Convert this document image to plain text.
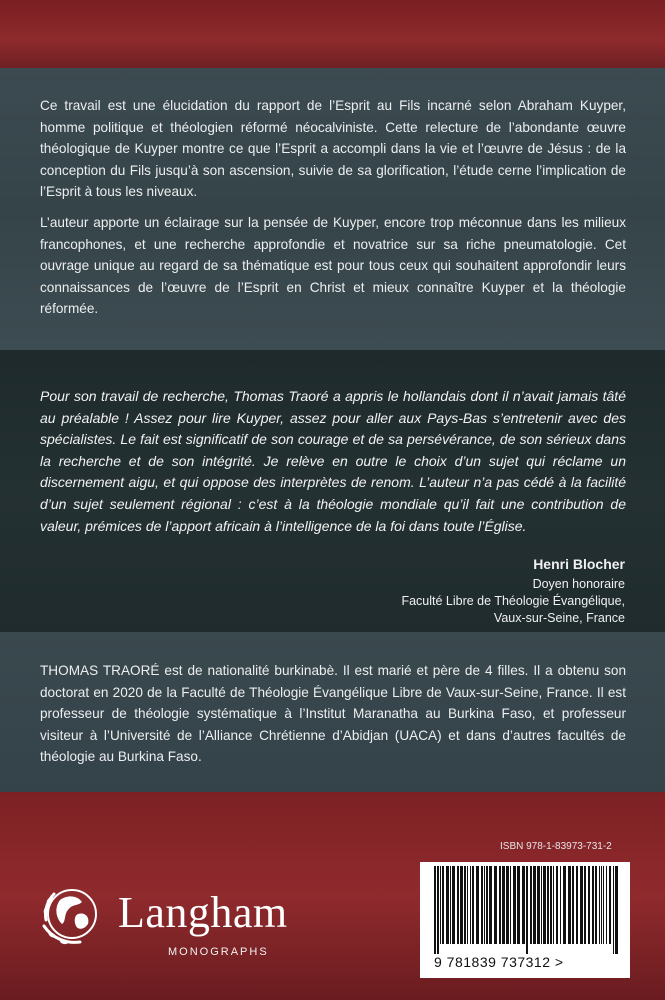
Ce travail est une élucidation du rapport de l’Esprit au Fils incarné selon Abraham Kuyper, homme politique et théologien réformé néocalviniste. Cette relecture de l’abondante œuvre théologique de Kuyper montre ce que l’Esprit a accompli dans la vie et l’œuvre de Jésus : de la conception du Fils jusqu’à son ascension, suivie de sa glorification, l’étude cerne l’implication de l’Esprit à tous les niveaux.

L’auteur apporte un éclairage sur la pensée de Kuyper, encore trop méconnue dans les milieux francophones, et une recherche approfondie et novatrice sur sa riche pneumatologie. Cet ouvrage unique au regard de sa thématique est pour tous ceux qui souhaitent approfondir leurs connaissances de l’œuvre de l’Esprit en Christ et mieux connaître Kuyper et la théologie réformée.

Pour son travail de recherche, Thomas Traoré a appris le hollandais dont il n’avait jamais tâté au préalable ! Assez pour lire Kuyper, assez pour aller aux Pays-Bas s’entretenir avec des spécialistes. Le fait est significatif de son courage et de sa persévérance, de son sérieux dans la recherche et de son intégrité. Je relève en outre le choix d’un sujet qui réclame un discernement aigu, et qui oppose des interprètes de renom. L’auteur n’a pas cédé à la facilité d’un sujet seulement régional : c’est à la théologie mondiale qu’il fait une contribution de valeur, prémices de l’apport africain à l’intelligence de la foi dans toute l’Église.

Henri Blocher
Doyen honoraire
Faculté Libre de Théologie Évangélique,
Vaux-sur-Seine, France

THOMAS TRAORÉ est de nationalité burkinabè. Il est marié et père de 4 filles. Il a obtenu son doctorat en 2020 de la Faculté de Théologie Évangélique Libre de Vaux-sur-Seine, France. Il est professeur de théologie systématique à l’Institut Maranatha au Burkina Faso, et professeur visiteur à l’Université de l’Alliance Chrétienne d’Abidjan (UACA) et dans d’autres facultés de théologie au Burkina Faso.

Langham
MONOGRAPHS
ISBN 978-1-83973-731-2
9 781839 737312 >
